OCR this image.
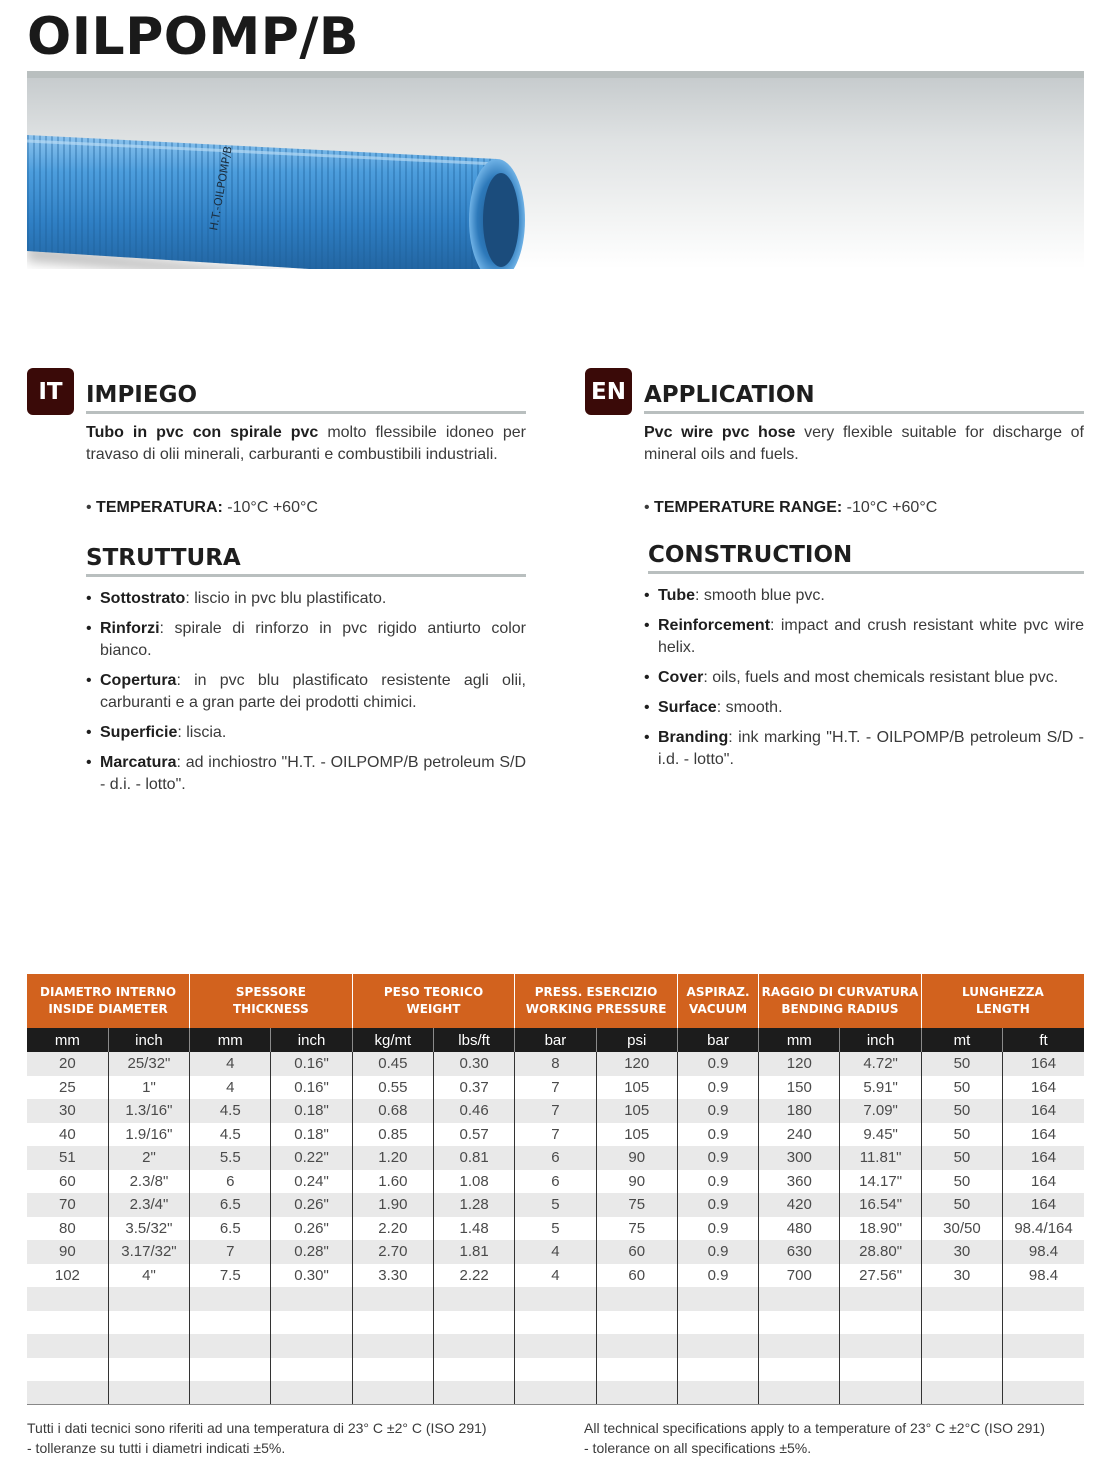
OILPOMP/B
H.T.-OILPOMP/B
IT	IMPIEGO
Tubo in pvc con spirale pvc molto flessibile idoneo per travaso di olii minerali, carburanti e combustibili industriali.
• TEMPERATURA: -10°C +60°C
STRUTTURA
• Sottostrato: liscio in pvc blu plastificato.
• Rinforzi: spirale di rinforzo in pvc rigido antiurto color bianco.
• Copertura: in pvc blu plastificato resistente agli olii, carburanti e a gran parte dei prodotti chimici.
• Superficie: liscia.
• Marcatura: ad inchiostro "H.T. - OILPOMP/B petroleum S/D - d.i. - lotto".
EN APPLICATION
Pvc wire pvc hose very flexible suitable for discharge of mineral oils and fuels.
• TEMPERATURE RANGE: -10°C +60°C
CONSTRUCTION
• Tube: smooth blue pvc.
• Reinforcement: impact and crush resistant white pvc wire helix.
• Cover: oils, fuels and most chemicals resistant blue pvc.
• Surface: smooth.
• Branding: ink marking "H.T. - OILPOMP/B petroleum S/D - i.d. - lotto".
DIAMETRO INTERNO
INSIDE DIAMETER		SPESSORE
THICKNESS		PESO TEORICO
WEIGHT		PRESS. ESERCIZIO
WORKING PRESSURE		ASPIRAZ.
VACUUM	RAGGIO DI CURVATURA
BENDING RADIUS		LUNGHEZZA
LENGTH	
mm	inch	mm	inch	kg/mt	lbs/ft	bar	psi	bar	mm	inch	mt	ft
20	25/32"	4	0.16"	0.45	0.30	8	120	0.9	120	4.72"	50	164
25	1"	4	0.16"	0.55	0.37	7	105	0.9	150	5.91"	50	164
30	1.3/16"	4.5	0.18"	0.68	0.46	7	105	0.9	180	7.09"	50	164
40	1.9/16"	4.5	0.18"	0.85	0.57	7	105	0.9	240	9.45"	50	164
51	2"	5.5	0.22"	1.20	0.81	6	90	0.9	300	11.81"	50	164
60	2.3/8"	6	0.24"	1.60	1.08	6	90	0.9	360	14.17"	50	164
70	2.3/4"	6.5	0.26"	1.90	1.28	5	75	0.9	420	16.54"	50	164
80	3.5/32"	6.5	0.26"	2.20	1.48	5	75	0.9	480	18.90"	30/50	98.4/164
90	3.17/32"	7	0.28"	2.70	1.81	4	60	0.9	630	28.80"	30	98.4
102	4"	7.5	0.30"	3.30	2.22	4	60	0.9	700	27.56"	30	98.4

Tutti i dati tecnici sono riferiti ad una temperatura di 23° C ±2° C (ISO 291)
- tolleranze su tutti i diametri indicati ±5%.
All technical specifications apply to a temperature of 23° C ±2°C (ISO 291)
- tolerance on all specifications ±5%.
